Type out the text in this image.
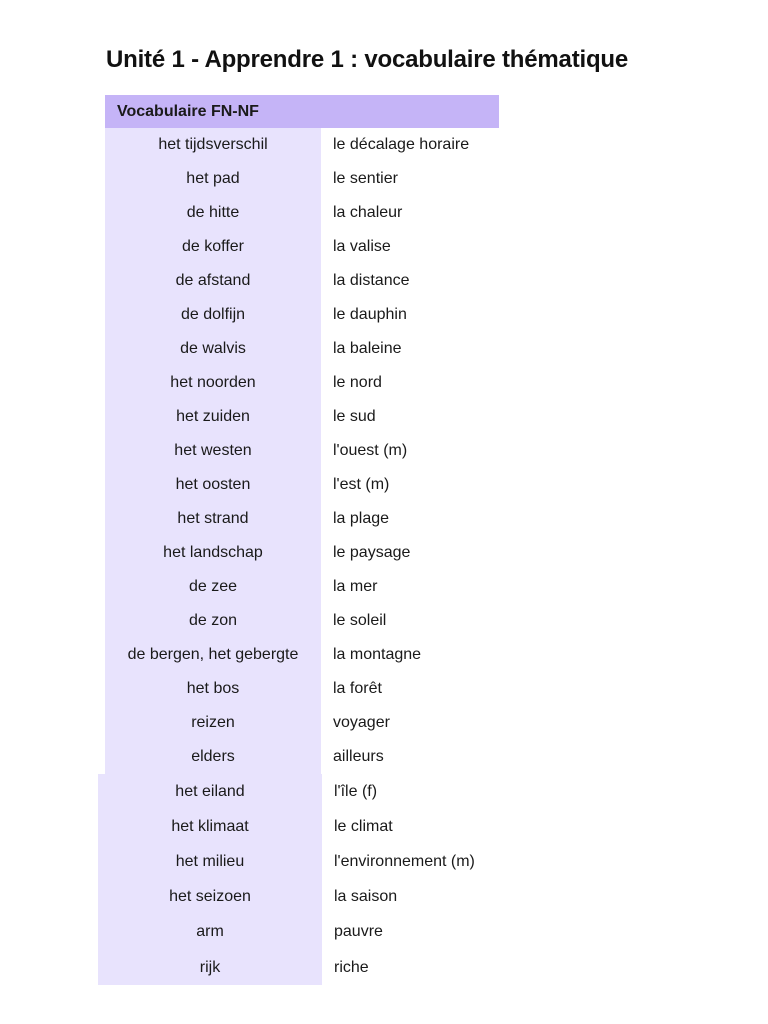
Unité 1 - Apprendre 1 : vocabulaire thématique
Vocabulaire FN-NF
het tijdsverschil	le décalage horaire
het pad	le sentier
de hitte	la chaleur
de koffer	la valise
de afstand	la distance
de dolfijn	le dauphin
de walvis	la baleine
het noorden	le nord
het zuiden	le sud
het westen	l'ouest (m)
het oosten	l'est (m)
het strand	la plage
het landschap	le paysage
de zee	la mer
de zon	le soleil
de bergen, het gebergte	la montagne
het bos	la forêt
reizen	voyager
elders	ailleurs
het eiland	l'île (f)
het klimaat	le climat
het milieu	l'environnement (m)
het seizoen	la saison
arm	pauvre
rijk	riche
